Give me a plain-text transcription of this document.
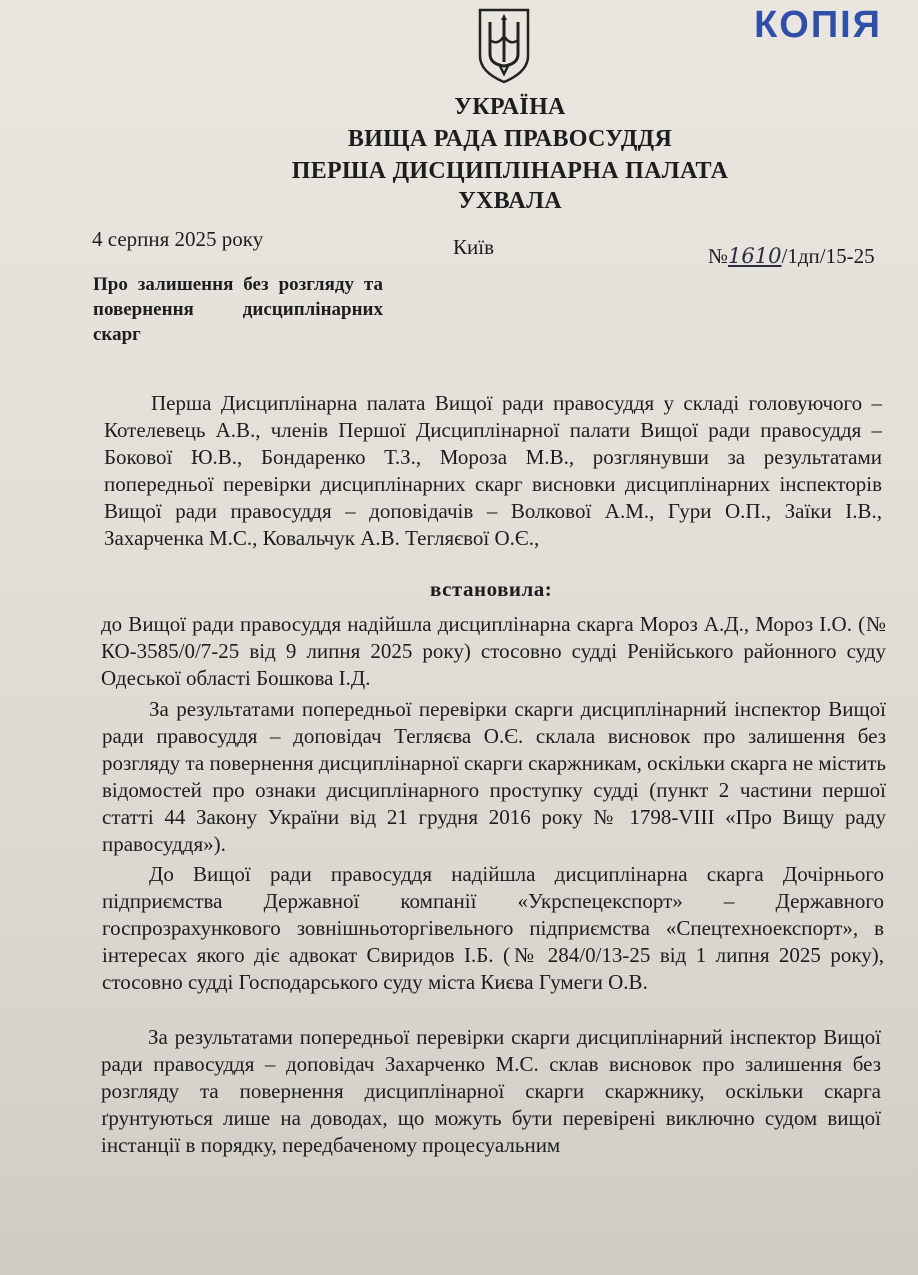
КОПІЯ
УКРАЇНА
ВИЩА РАДА ПРАВОСУДДЯ
ПЕРША ДИСЦИПЛІНАРНА ПАЛАТА
УХВАЛА
4 серпня 2025 року	Київ	№1610/1дп/15-25
Про залишення без розгляду та
повернення дисциплінарних
скарг

Перша Дисциплінарна палата Вищої ради правосуддя у складі головуючого – Котелевець А.В., членів Першої Дисциплінарної палати Вищої ради правосуддя – Бокової Ю.В., Бондаренко Т.З., Мороза М.В., розглянувши за результатами попередньої перевірки дисциплінарних скарг висновки дисциплінарних інспекторів Вищої ради правосуддя – доповідачів – Волкової А.М., Гури О.П., Заїки І.В., Захарченка М.С., Ковальчук А.В. Тегляєвої О.Є.,

встановила:

до Вищої ради правосуддя надійшла дисциплінарна скарга Мороз А.Д., Мороз І.О. (№ КО-3585/0/7-25 від 9 липня 2025 року) стосовно судді Ренійського районного суду Одеської області Бошкова І.Д.

За результатами попередньої перевірки скарги дисциплінарний інспектор Вищої ради правосуддя – доповідач Тегляєва О.Є. склала висновок про залишення без розгляду та повернення дисциплінарної скарги скаржникам, оскільки скарга не містить відомостей про ознаки дисциплінарного проступку судді (пункт 2 частини першої статті 44 Закону України від 21 грудня 2016 року № 1798-VIII «Про Вищу раду правосуддя»).

До Вищої ради правосуддя надійшла дисциплінарна скарга Дочірнього підприємства Державної компанії «Укрспецекспорт» – Державного госпрозрахункового зовнішньоторгівельного підприємства «Спецтехноекспорт», в інтересах якого діє адвокат Свиридов І.Б. (№ 284/0/13-25 від 1 липня 2025 року), стосовно судді Господарського суду міста Києва Гумеги О.В.

За результатами попередньої перевірки скарги дисциплінарний інспектор Вищої ради правосуддя – доповідач Захарченко М.С. склав висновок про залишення без розгляду та повернення дисциплінарної скарги скаржнику, оскільки скарга ґрунтуються лише на доводах, що можуть бути перевірені виключно судом вищої інстанції в порядку, передбаченому процесуальним
